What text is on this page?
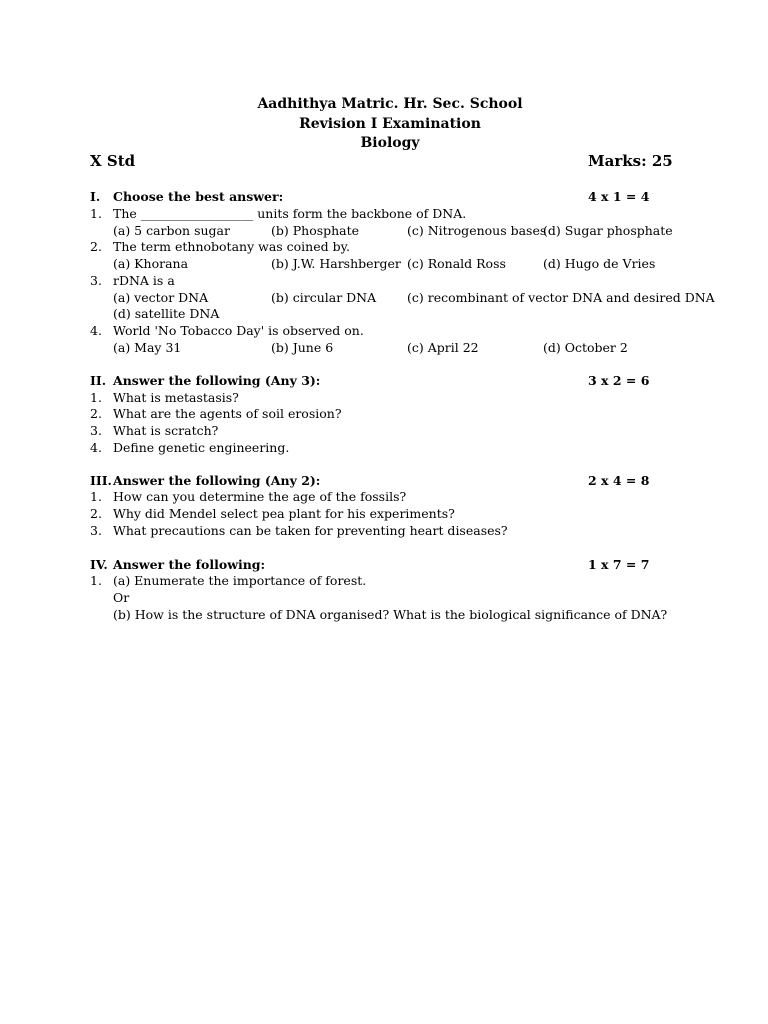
Aadhithya Matric. Hr. Sec. School
Revision I Examination
Biology
X Std	Marks: 25
I. Choose the best answer:	4 x 1 = 4
1. The __________________ units form the backbone of DNA.
(a) 5 carbon sugar	(b) Phosphate	(c) Nitrogenous bases
(d) Sugar phosphate
2. The term ethnobotany was coined by.
(a) Khorana	(b) J.W. Harshberger (c) Ronald Ross	(d) Hugo de Vries
3. rDNA is a
(a) vector DNA	(b) circular DNA (c) recombinant of vector DNA and desired DNA
(d) satellite DNA
4. World 'No Tobacco Day' is observed on.
(a) May 31	(b) June 6	(c) April 22	(d) October 2
II. Answer the following (Any 3):	3 x 2 = 6
1. What is metastasis?
2. What are the agents of soil erosion?
3. What is scratch?
4. Define genetic engineering.
III. Answer the following (Any 2):	2 x 4 = 8
1. How can you determine the age of the fossils?
2. Why did Mendel select pea plant for his experiments?
3. What precautions can be taken for preventing heart diseases?
IV. Answer the following:	1 x 7 = 7
1. (a) Enumerate the importance of forest.
Or
(b) How is the structure of DNA organised? What is the biological significance of DNA?
